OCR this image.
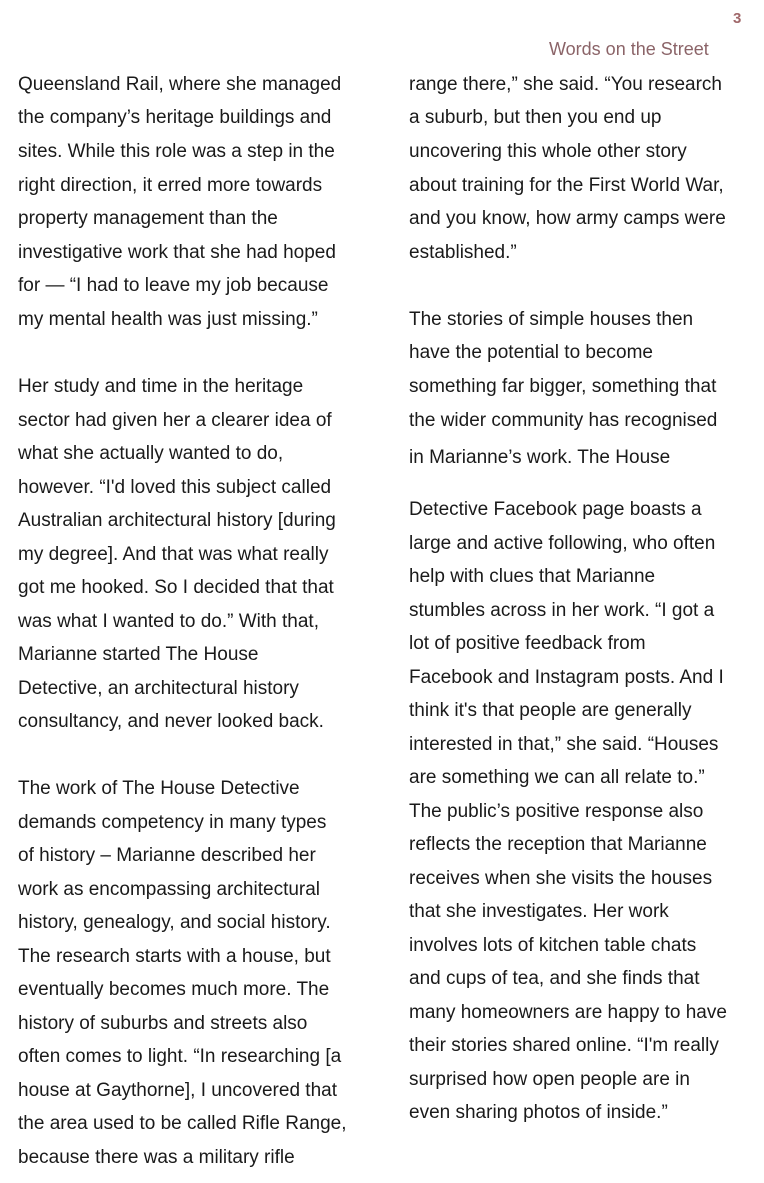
3
Words on the Street
Queensland Rail, where she managed
the company’s heritage buildings and
sites. While this role was a step in the
right direction, it erred more towards
property management than the
investigative work that she had hoped
for — “I had to leave my job because
my mental health was just missing.”
Her study and time in the heritage
sector had given her a clearer idea of
what she actually wanted to do,
however. “I'd loved this subject called
Australian architectural history [during
my degree]. And that was what really
got me hooked. So I decided that that
was what I wanted to do.” With that,
Marianne started The House
Detective, an architectural history
consultancy, and never looked back.
The work of The House Detective
demands competency in many types
of history – Marianne described her
work as encompassing architectural
history, genealogy, and social history.
The research starts with a house, but
eventually becomes much more. The
history of suburbs and streets also
often comes to light. “In researching [a
house at Gaythorne], I uncovered that
the area used to be called Rifle Range,
because there was a military rifle
range there,” she said. “You research
a suburb, but then you end up
uncovering this whole other story
about training for the First World War,
and you know, how army camps were
established.”
The stories of simple houses then
have the potential to become
something far bigger, something that
the wider community has recognised
in Marianne’s work. The House
Detective Facebook page boasts a
large and active following, who often
help with clues that Marianne
stumbles across in her work. “I got a
lot of positive feedback from
Facebook and Instagram posts. And I
think it's that people are generally
interested in that,” she said. “Houses
are something we can all relate to.”
The public’s positive response also
reflects the reception that Marianne
receives when she visits the houses
that she investigates. Her work
involves lots of kitchen table chats
and cups of tea, and she finds that
many homeowners are happy to have
their stories shared online. “I'm really
surprised how open people are in
even sharing photos of inside.”
